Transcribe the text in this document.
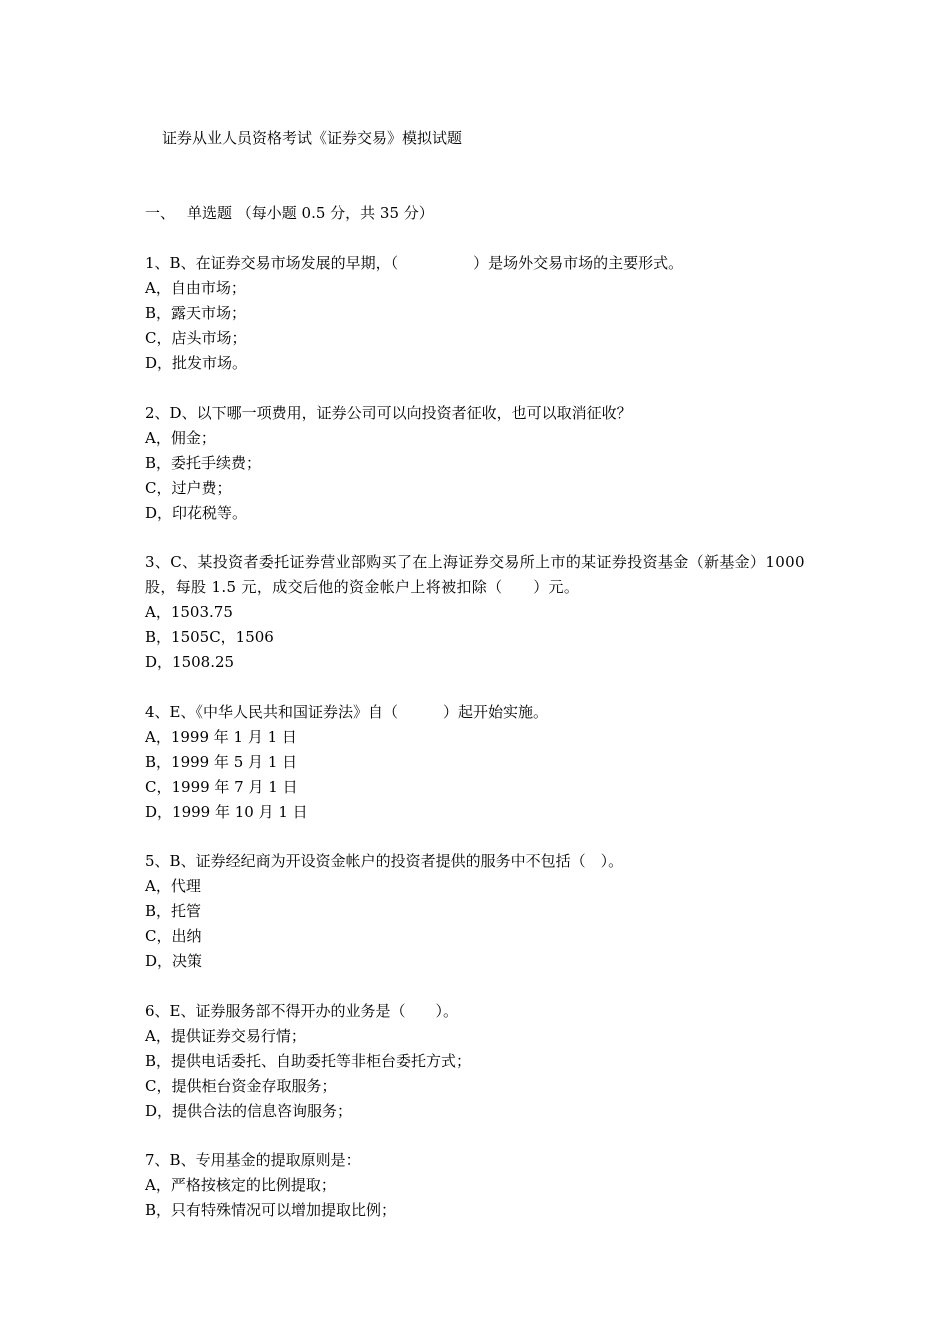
证券从业人员资格考试《证券交易》模拟试题
一、 单选题 （每小题 0.5 分，共 35 分）
1、B、在证券交易市场发展的早期，（　　　　　）是场外交易市场的主要形式。
A，自由市场；
B，露天市场；
C，店头市场；
D，批发市场。
2、D、以下哪一项费用，证券公司可以向投资者征收，也可以取消征收？
A，佣金；
B，委托手续费；
C，过户费；
D，印花税等。
3、C、某投资者委托证券营业部购买了在上海证券交易所上市的某证券投资基金（新基金）1000 股，每股 1.5 元，成交后他的资金帐户上将被扣除（　　）元。
A，1503.75
B，1505C，1506
D，1508.25
4、E、《中华人民共和国证券法》自（　　　）起开始实施。
A，1999 年 1 月 1 日
B，1999 年 5 月 1 日
C，1999 年 7 月 1 日
D，1999 年 10 月 1 日
5、B、证券经纪商为开设资金帐户的投资者提供的服务中不包括（　）。
A，代理
B，托管
C，出纳
D，决策
6、E、证券服务部不得开办的业务是（　　）。
A，提供证券交易行情；
B，提供电话委托、自助委托等非柜台委托方式；
C，提供柜台资金存取服务；
D，提供合法的信息咨询服务；
7、B、专用基金的提取原则是：
A，严格按核定的比例提取；
B，只有特殊情况可以增加提取比例；
